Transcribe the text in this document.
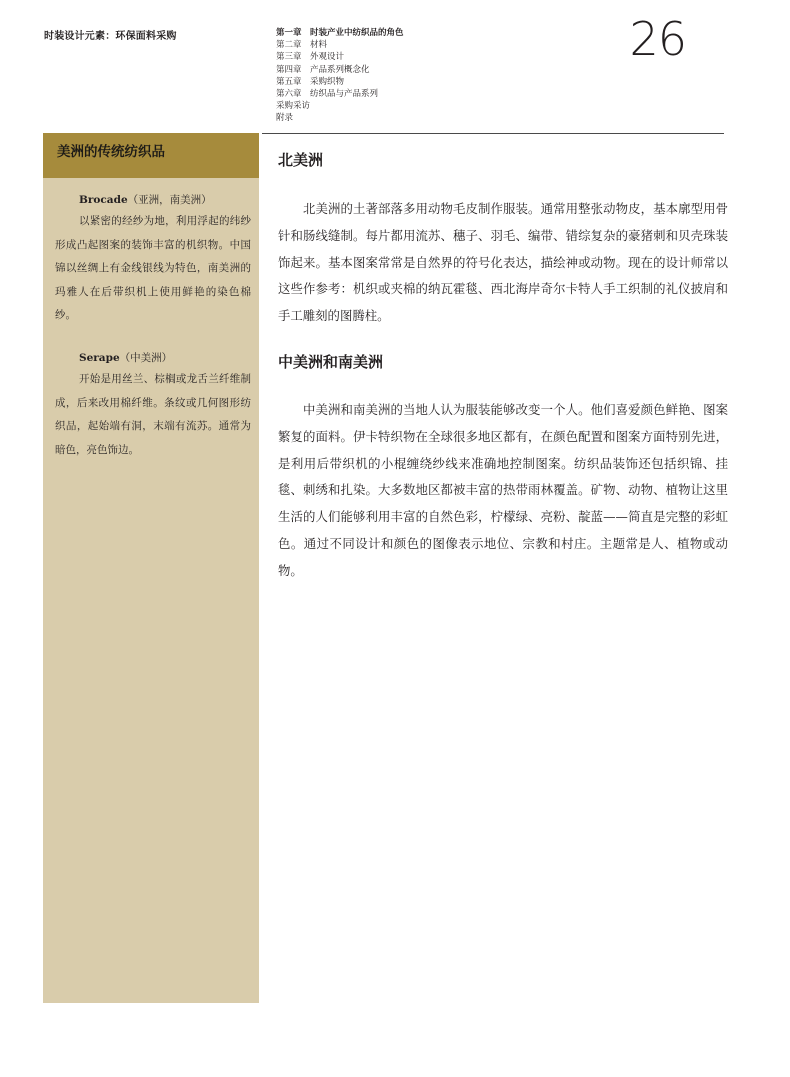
时装设计元素：环保面料采购	第一章　时装产业中纺织品的角色
第二章　材料
第三章　外观设计
第四章　产品系列概念化
第五章　采购织物
第六章　纺织品与产品系列
采购采访
附录
26
美洲的传统纺织品
Brocade（亚洲，南美洲）

以紧密的经纱为地，利用浮起的纬纱形成凸起图案的装饰丰富的机织物。中国锦以丝绸上有金线银线为特色，南美洲的玛雅人在后带织机上使用鲜艳的染色棉纱。

Serape（中美洲）

开始是用丝兰、棕榈或龙舌兰纤维制成，后来改用棉纤维。条纹或几何图形纺织品，起始端有洞，末端有流苏。通常为暗色，亮色饰边。

北美洲

北美洲的土著部落多用动物毛皮制作服装。通常用整张动物皮，基本廓型用骨针和肠线缝制。每片都用流苏、穗子、羽毛、编带、错综复杂的豪猪刺和贝壳珠装饰起来。基本图案常常是自然界的符号化表达，描绘神或动物。现在的设计师常以这些作参考：机织或夹棉的纳瓦霍毯、西北海岸奇尔卡特人手工织制的礼仪披肩和手工雕刻的图腾柱。

中美洲和南美洲

中美洲和南美洲的当地人认为服装能够改变一个人。他们喜爱颜色鲜艳、图案繁复的面料。伊卡特织物在全球很多地区都有，在颜色配置和图案方面特别先进，是利用后带织机的小棍缠绕纱线来准确地控制图案。纺织品装饰还包括织锦、挂毯、刺绣和扎染。大多数地区都被丰富的热带雨林覆盖。矿物、动物、植物让这里生活的人们能够利用丰富的自然色彩，柠檬绿、亮粉、靛蓝——简直是完整的彩虹色。通过不同设计和颜色的图像表示地位、宗教和村庄。主题常是人、植物或动物。
